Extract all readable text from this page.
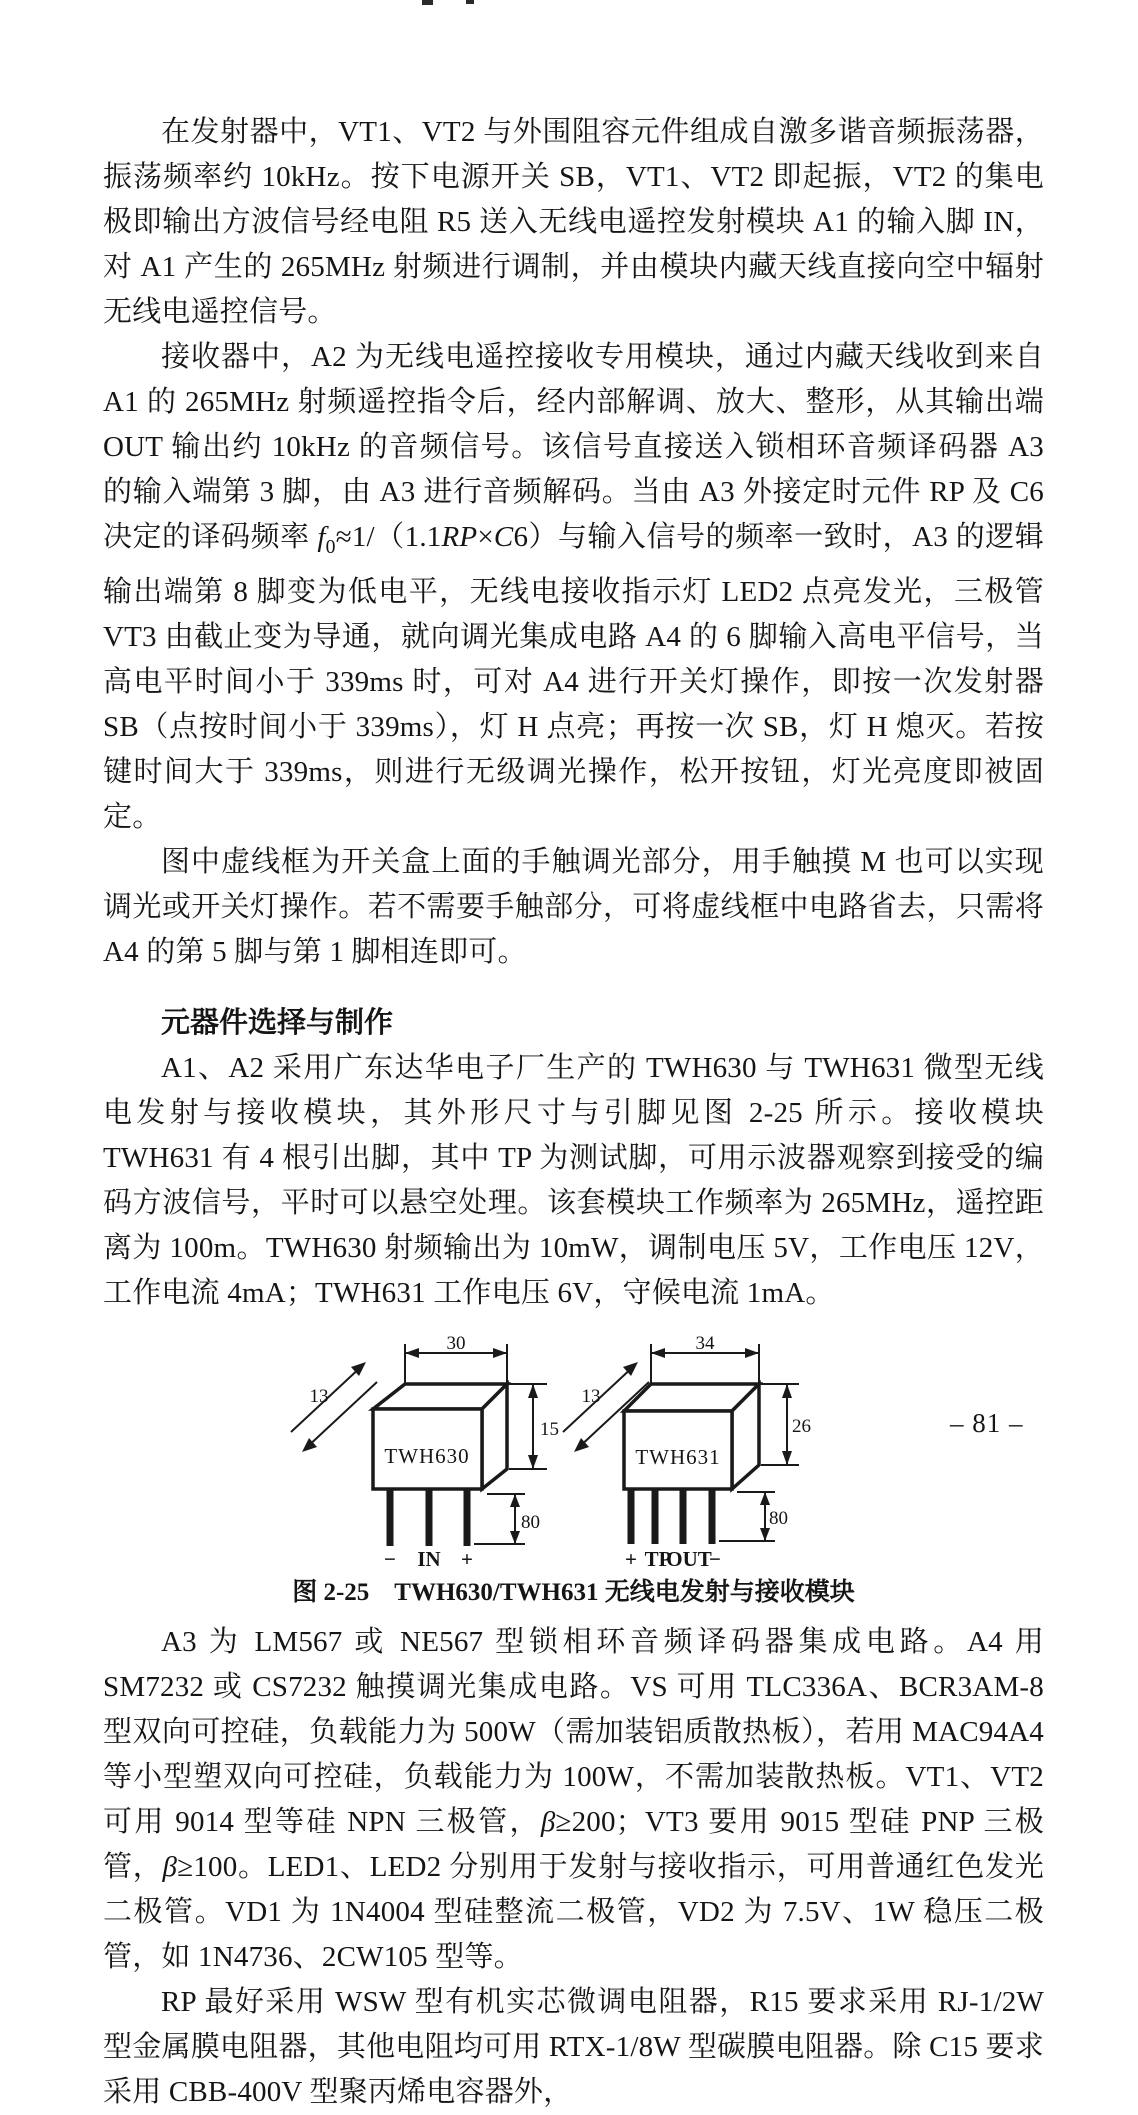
在发射器中，VT1、VT2 与外围阻容元件组成自激多谐音频振荡器，振荡频率约 10kHz。按下电源开关 SB，VT1、VT2 即起振，VT2 的集电极即输出方波信号经电阻 R5 送入无线电遥控发射模块 A1 的输入脚 IN，对 A1 产生的 265MHz 射频进行调制，并由模块内藏天线直接向空中辐射无线电遥控信号。

接收器中，A2 为无线电遥控接收专用模块，通过内藏天线收到来自 A1 的 265MHz 射频遥控指令后，经内部解调、放大、整形，从其输出端 OUT 输出约 10kHz 的音频信号。该信号直接送入锁相环音频译码器 A3 的输入端第 3 脚，由 A3 进行音频解码。当由 A3 外接定时元件 RP 及 C6 决定的译码频率 $f_0\approx 1/(1.1RP\times C6)$与输入信号的频率一致时，A3 的逻辑输出端第 8 脚变为低电平，无线电接收指示灯 LED2 点亮发光，三极管 VT3 由截止变为导通，就向调光集成电路 A4 的 6 脚输入高电平信号，当高电平时间小于 339ms 时，可对 A4 进行开关灯操作，即按一次发射器 SB（点按时间小于 339ms），灯 H 点亮；再按一次 SB，灯 H 熄灭。若按键时间大于 339ms，则进行无级调光操作，松开按钮，灯光亮度即被固定。

图中虚线框为开关盒上面的手触调光部分，用手触摸 M 也可以实现调光或开关灯操作。若不需要手触部分，可将虚线框中电路省去，只需将 A4 的第 5 脚与第 1 脚相连即可。

元器件选择与制作

A1、A2 采用广东达华电子厂生产的 TWH630 与 TWH631 微型无线电发射与接收模块，其外形尺寸与引脚见图 2-25 所示。接收模块 TWH631 有 4 根引出脚，其中 TP 为测试脚，可用示波器观察到接受的编码方波信号，平时可以悬空处理。该套模块工作频率为 265MHz，遥控距离为 100m。TWH630 射频输出为 10mW，调制电压 5V，工作电压 12V，工作电流 4mA；TWH631 工作电压 6V，守候电流 1mA。

30
13
15
80
TWH630
− IN +
34
13
26
80
TWH631
+ TP
OUT
−
图 2-25　TWH630/TWH631 无线电发射与接收模块

A3 为 LM567 或 NE567 型锁相环音频译码器集成电路。A4 用 SM7232 或 CS7232 触摸调光集成电路。VS 可用 TLC336A、BCR3AM-8 型双向可控硅，负载能力为 500W（需加装铝质散热板），若用 MAC94A4 等小型塑双向可控硅，负载能力为 100W，不需加装散热板。VT1、VT2 可用 9014 型等硅 NPN 三极管，β≥200；VT3 要用 9015 型硅 PNP 三极管，β≥100。LED1、LED2 分别用于发射与接收指示，可用普通红色发光二极管。VD1 为 1N4004 型硅整流二极管，VD2 为 7.5V、1W 稳压二极管，如 1N4736、2CW105 型等。

RP 最好采用 WSW 型有机实芯微调电阻器，R15 要求采用 RJ-1/2W 型金属膜电阻器，其他电阻均可用 RTX-1/8W 型碳膜电阻器。除 C15 要求采用 CBB-400V 型聚丙烯电容器外，

– 81 –
